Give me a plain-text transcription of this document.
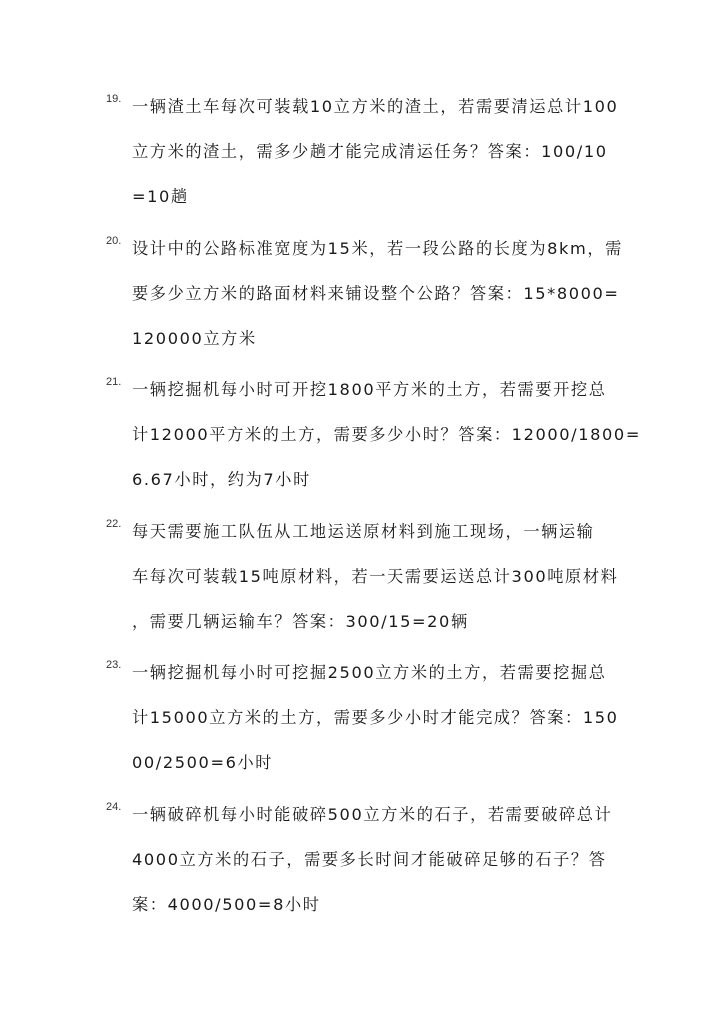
19. 一辆渣土车每次可装载10立方米的渣土，若需要清运总计100
立方米的渣土，需多少趟才能完成清运任务？答案：100/10
=10趟
20. 设计中的公路标准宽度为15米，若一段公路的长度为8km，需
要多少立方米的路面材料来铺设整个公路？答案：15*8000=
120000立方米
21. 一辆挖掘机每小时可开挖1800平方米的土方，若需要开挖总
计12000平方米的土方，需要多少小时？答案：12000/1800=
6.67小时，约为7小时
22. 每天需要施工队伍从工地运送原材料到施工现场，一辆运输
车每次可装载15吨原材料，若一天需要运送总计300吨原材料
，需要几辆运输车？答案：300/15=20辆
23. 一辆挖掘机每小时可挖掘2500立方米的土方，若需要挖掘总
计15000立方米的土方，需要多少小时才能完成？答案：150
00/2500=6小时
24. 一辆破碎机每小时能破碎500立方米的石子，若需要破碎总计
4000立方米的石子，需要多长时间才能破碎足够的石子？答
案：4000/500=8小时
